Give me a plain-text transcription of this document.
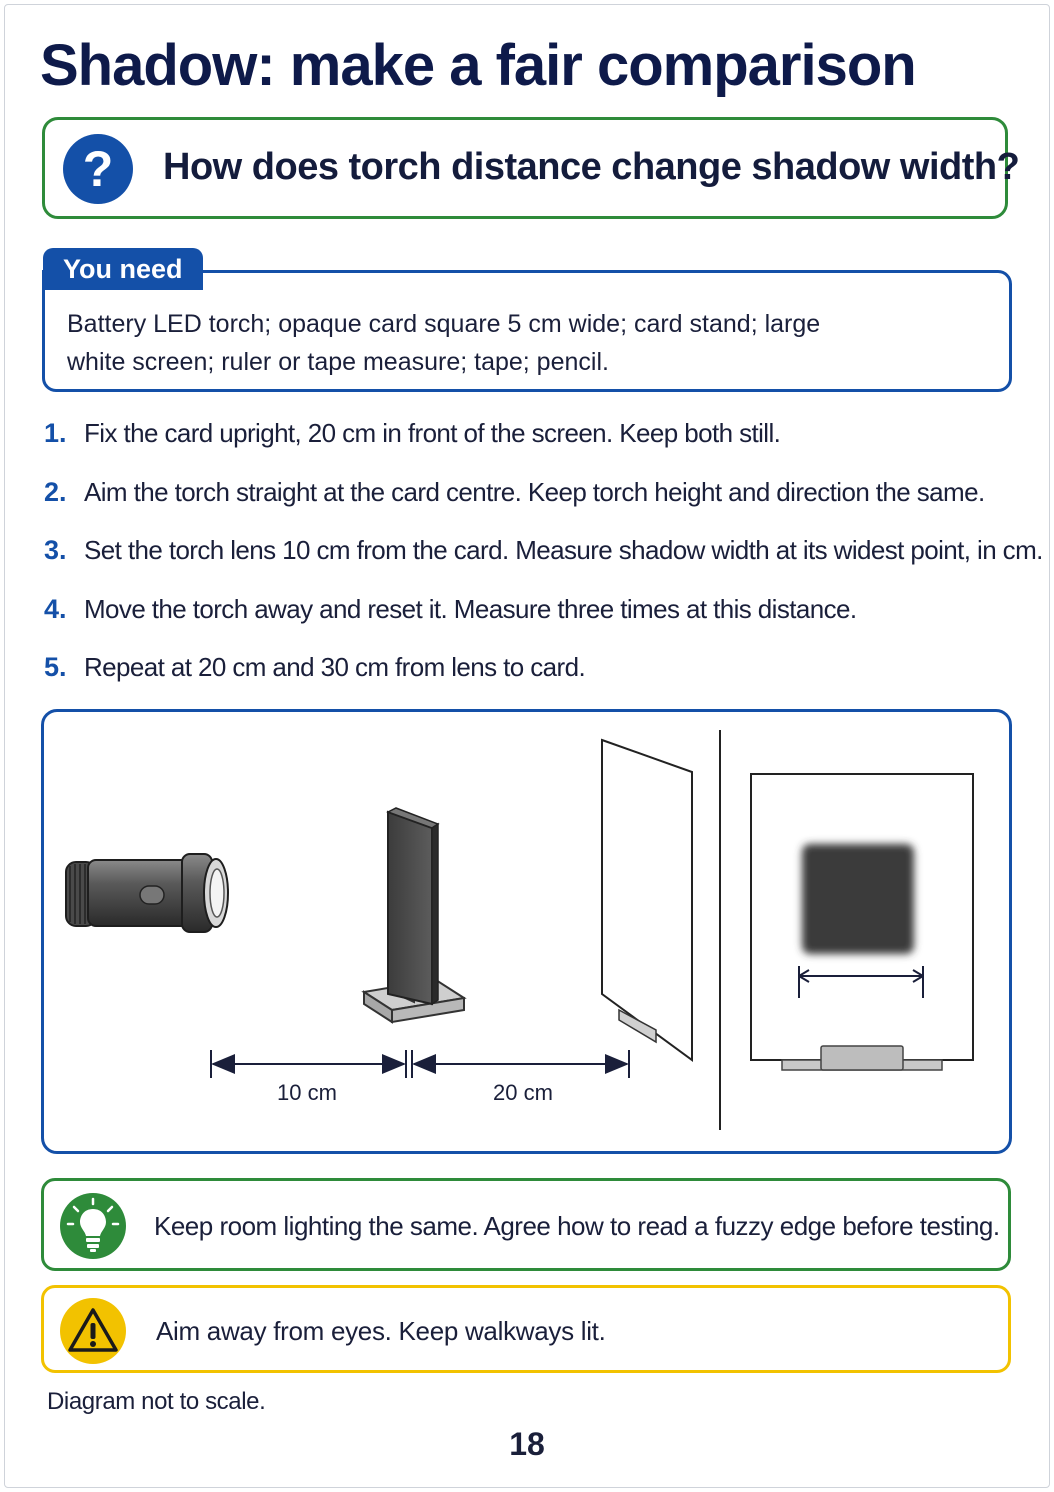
Shadow: make a fair comparison
?	How does torch distance change shadow width?
Battery LED torch; opaque card square 5 cm wide; card stand; large white screen; ruler or tape measure; tape; pencil.
You need
1. Fix the card upright, 20 cm in front of the screen. Keep both still.
2. Aim the torch straight at the card centre. Keep torch height and direction the same.
3. Set the torch lens 10 cm from the card. Measure shadow width at its widest point, in cm.
4. Move the torch away and reset it. Measure three times at this distance.
5. Repeat at 20 cm and 30 cm from lens to card.
10 cm	20 cm
Keep room lighting the same. Agree how to read a fuzzy edge before testing.
Aim away from eyes. Keep walkways lit.
Diagram not to scale.
18
